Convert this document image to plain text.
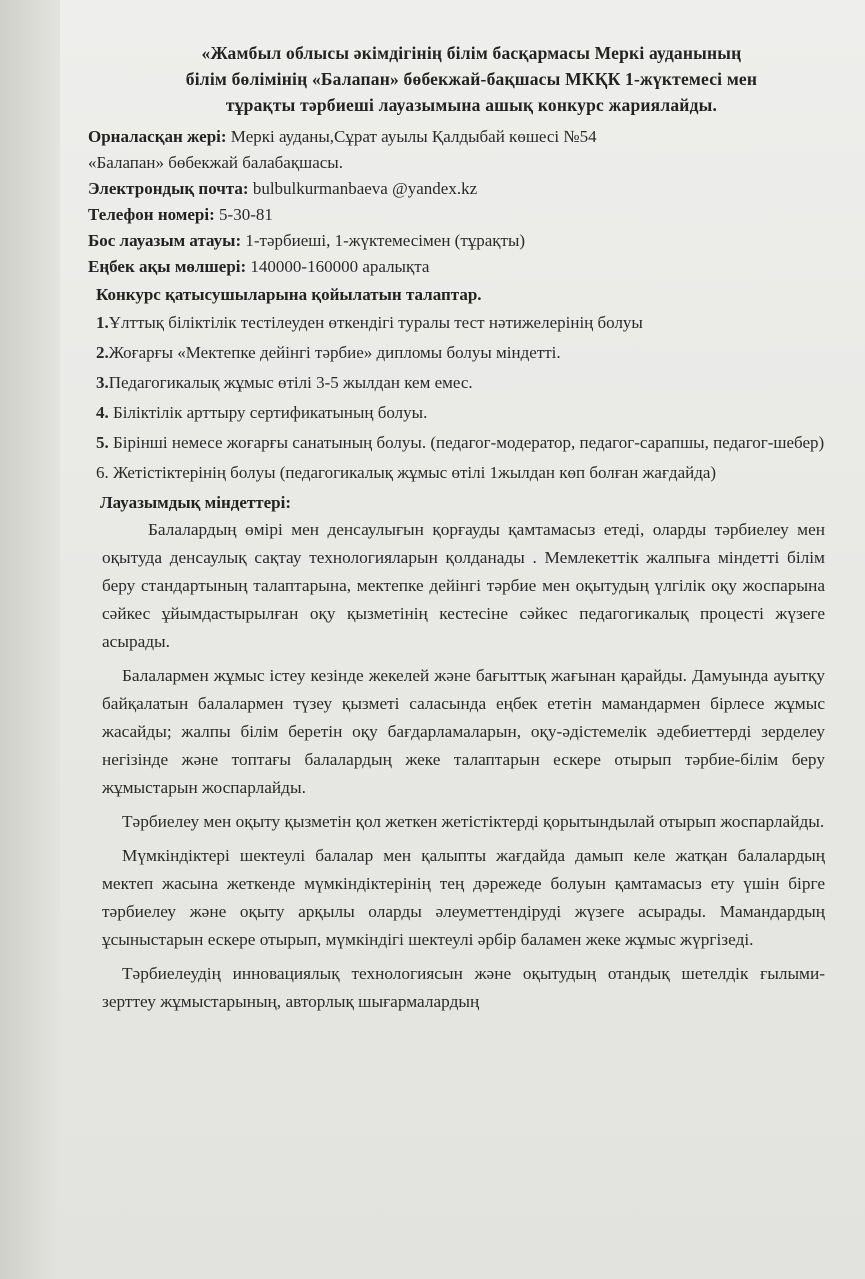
«Жамбыл облысы әкімдігінің білім басқармасы Меркі ауданының
білім бөлімінің «Балапан» бөбекжай-бақшасы МКҚК 1-жүктемесі мен
тұрақты тәрбиеші лауазымына ашық конкурс жариялайды.
Орналасқан жері: Меркі ауданы,Сұрат ауылы Қалдыбай көшесі №54
«Балапан» бөбекжай балабақшасы.
Электрондық почта: bulbulkurmanbaeva @yandex.kz
Телефон номері: 5-30-81
Бос лауазым атауы: 1-тәрбиеші, 1-жүктемесімен (тұрақты)
Еңбек ақы мөлшері: 140000-160000 аралықта
Конкурс қатысушыларына қойылатын талаптар.
1.Ұлттық біліктілік тестілеуден өткендігі туралы тест нәтижелерінің болуы
2.Жоғарғы «Мектепке дейінгі тәрбие» дипломы болуы міндетті.
3.Педагогикалық жұмыс өтілі 3-5 жылдан кем емес.
4. Біліктілік арттыру сертификатының болуы.
5. Бірінші немесе жоғарғы санатының болуы. (педагог-модератор, педагог-сарапшы, педагог-шебер)
6. Жетістіктерінің болуы (педагогикалық жұмыс өтілі 1жылдан көп болған жағдайда)
Лауазымдық міндеттері:

Балалардың өмірі мен денсаулығын қорғауды қамтамасыз етеді, оларды тәрбиелеу мен оқытуда денсаулық сақтау технологияларын қолданады . Мемлекеттік жалпыға міндетті білім беру стандартының талаптарына, мектепке дейінгі тәрбие мен оқытудың үлгілік оқу жоспарына сәйкес ұйымдастырылған оқу қызметінің кестесіне сәйкес педагогикалық процесті жүзеге асырады.

Балалармен жұмыс істеу кезінде жекелей және бағыттық жағынан қарайды. Дамуында ауытқу байқалатын балалармен түзеу қызметі саласында еңбек ететін мамандармен бірлесе жұмыс жасайды; жалпы білім беретін оқу бағдарламаларын, оқу-әдістемелік әдебиеттерді зерделеу негізінде және топтағы балалардың жеке талаптарын ескере отырып тәрбие-білім беру жұмыстарын жоспарлайды.

Тәрбиелеу мен оқыту қызметін қол жеткен жетістіктерді қорытындылай отырып жоспарлайды.

Мүмкіндіктері шектеулі балалар мен қалыпты жағдайда дамып келе жатқан балалардың мектеп жасына жеткенде мүмкіндіктерінің тең дәрежеде болуын қамтамасыз ету үшін бірге тәрбиелеу және оқыту арқылы оларды әлеуметтендіруді жүзеге асырады. Мамандардың ұсыныстарын ескере отырып, мүмкіндігі шектеулі әрбір баламен жеке жұмыс жүргізеді.

Тәрбиелеудің инновациялық технологиясын және оқытудың отандық шетелдік ғылыми-зерттеу жұмыстарының, авторлық шығармалардың
